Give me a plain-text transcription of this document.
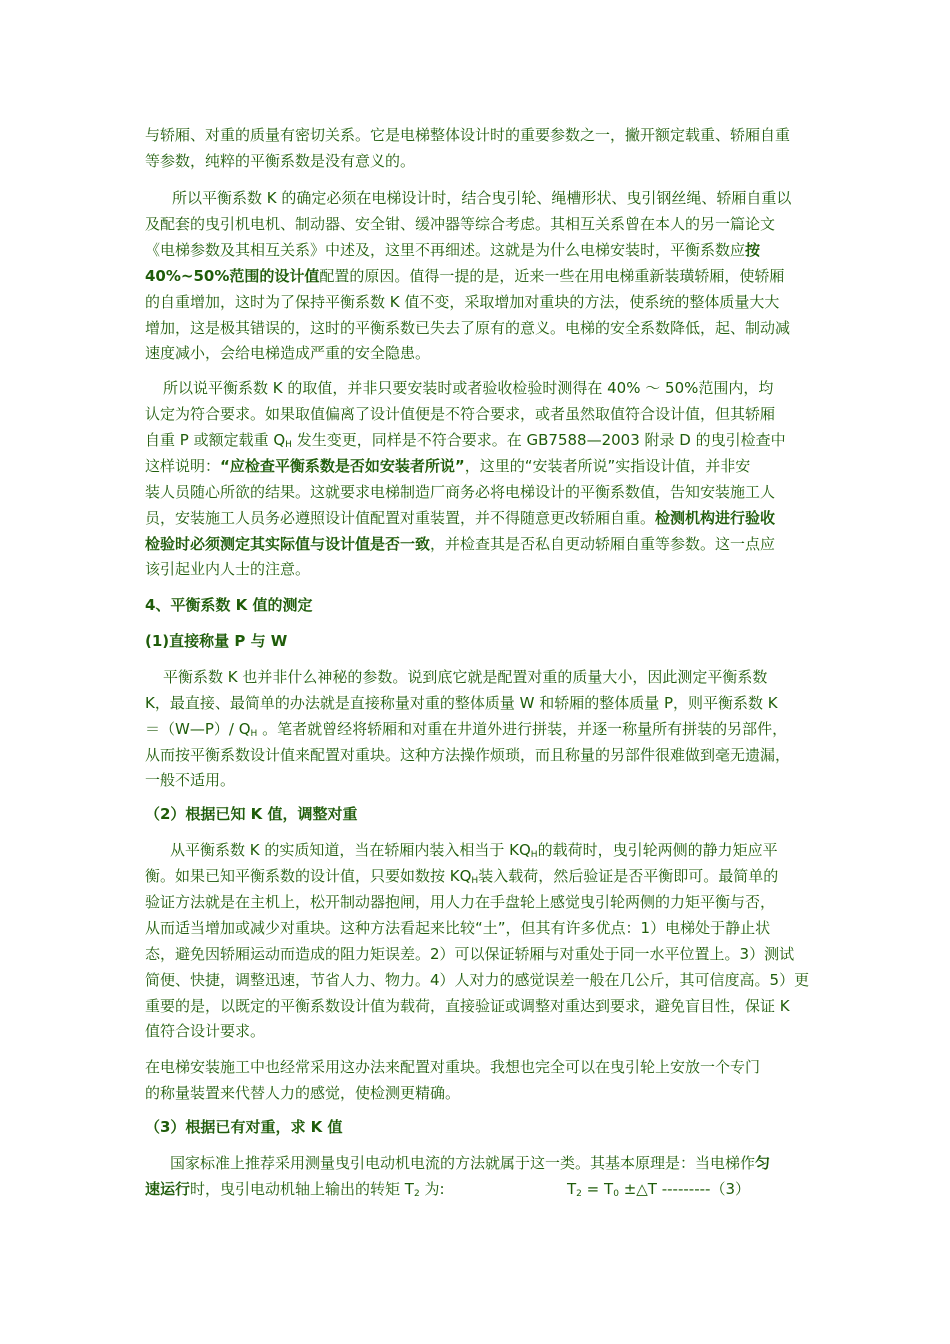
与轿厢、对重的质量有密切关系。它是电梯整体设计时的重要参数之一，撇开额定载重、轿厢自重

等参数，纯粹的平衡系数是没有意义的。

所以平衡系数 K 的确定必须在电梯设计时，结合曳引轮、绳槽形状、曳引钢丝绳、轿厢自重以

及配套的曳引机电机、制动器、安全钳、缓冲器等综合考虑。其相互关系曾在本人的另一篇论文

《电梯参数及其相互关系》中述及，这里不再细述。这就是为什么电梯安装时，平衡系数应按

40%~50%范围的设计值配置的原因。值得一提的是，近来一些在用电梯重新装璜轿厢，使轿厢

的自重增加，这时为了保持平衡系数 K 值不变，采取增加对重块的方法，使系统的整体质量大大

增加，这是极其错误的，这时的平衡系数已失去了原有的意义。电梯的安全系数降低，起、制动减

速度减小，会给电梯造成严重的安全隐患。

所以说平衡系数 K 的取值，并非只要安装时或者验收检验时测得在 40% ～ 50%范围内，均

认定为符合要求。如果取值偏离了设计值便是不符合要求，或者虽然取值符合设计值，但其轿厢

自重 P 或额定载重 $Q_H$ 发生变更，同样是不符合要求。在 GB7588—2003 附录 D 的曳引检查中

这样说明：“应检查平衡系数是否如安装者所说”，这里的“安装者所说”实指设计值，并非安

装人员随心所欲的结果。这就要求电梯制造厂商务必将电梯设计的平衡系数值，告知安装施工人

员，安装施工人员务必遵照设计值配置对重装置，并不得随意更改轿厢自重。检测机构进行验收

检验时必须测定其实际值与设计值是否一致，并检查其是否私自更动轿厢自重等参数。这一点应

该引起业内人士的注意。

4、平衡系数 K 值的测定

(1)直接称量 P 与 W

平衡系数 K 也并非什么神秘的参数。说到底它就是配置对重的质量大小，因此测定平衡系数

K，最直接、最简单的办法就是直接称量对重的整体质量 W 和轿厢的整体质量 P，则平衡系数 K

＝（W—P）/ $Q_H$ 。笔者就曾经将轿厢和对重在井道外进行拼装，并逐一称量所有拼装的另部件，

从而按平衡系数设计值来配置对重块。这种方法操作烦琐，而且称量的另部件很难做到毫无遗漏，

一般不适用。

（2）根据已知 K 值，调整对重

从平衡系数 K 的实质知道，当在轿厢内装入相当于 $KQ_H$的载荷时，曳引轮两侧的静力矩应平

衡。如果已知平衡系数的设计值，只要如数按 $KQ_H$装入载荷，然后验证是否平衡即可。最简单的

验证方法就是在主机上，松开制动器抱闸，用人力在手盘轮上感觉曳引轮两侧的力矩平衡与否，

从而适当增加或减少对重块。这种方法看起来比较“土”，但其有许多优点：1）电梯处于静止状

态，避免因轿厢运动而造成的阻力矩误差。2）可以保证轿厢与对重处于同一水平位置上。3）测试

简便、快捷，调整迅速，节省人力、物力。4）人对力的感觉误差一般在几公斤，其可信度高。5）更

重要的是，以既定的平衡系数设计值为载荷，直接验证或调整对重达到要求，避免盲目性，保证 K

值符合设计要求。

在电梯安装施工中也经常采用这办法来配置对重块。我想也完全可以在曳引轮上安放一个专门

的称量装置来代替人力的感觉，使检测更精确。

（3）根据已有对重，求 K 值

国家标准上推荐采用测量曳引电动机电流的方法就属于这一类。其基本原理是：当电梯作匀

速运行时，曳引电动机轴上输出的转矩 $T_2$ 为:	$T_2 = T_0$ ±△T ---------（3）
